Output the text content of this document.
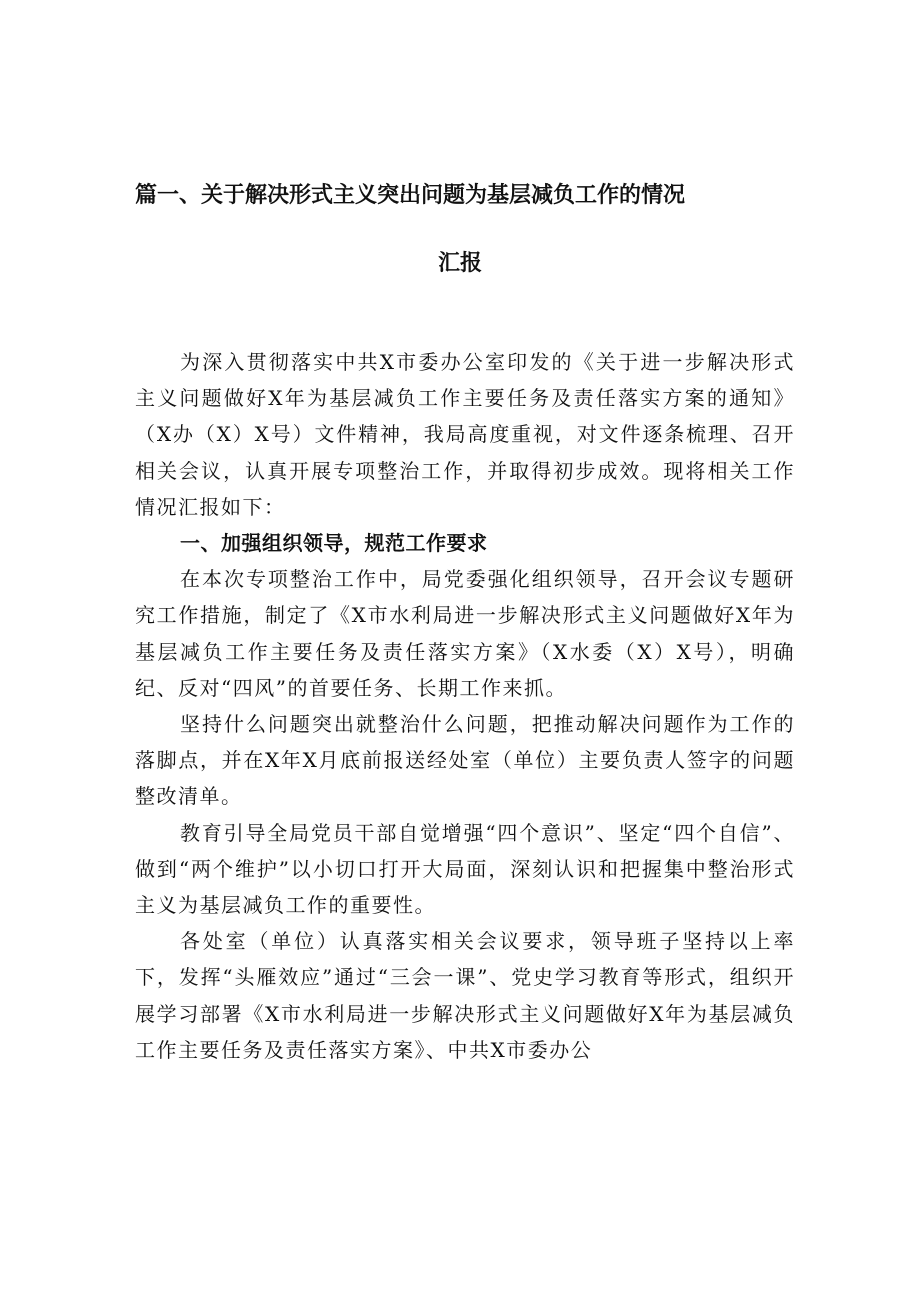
篇一、关于解决形式主义突出问题为基层减负工作的情况
汇报

为深入贯彻落实中共X市委办公室印发的《关于进一步解决形式主义问题做好X年为基层减负工作主要任务及责任落实方案的通知》（X办（X）X号）文件精神，我局高度重视，对文件逐条梳理、召开相关会议，认真开展专项整治工作，并取得初步成效。现将相关工作情况汇报如下：

一、加强组织领导，规范工作要求

在本次专项整治工作中，局党委强化组织领导，召开会议专题研究工作措施，制定了《X市水利局进一步解决形式主义问题做好X年为基层减负工作主要任务及责任落实方案》（X水委（X）X号），明确纪、反对“四风”的首要任务、长期工作来抓。

坚持什么问题突出就整治什么问题，把推动解决问题作为工作的落脚点，并在X年X月底前报送经处室（单位）主要负责人签字的问题整改清单。

教育引导全局党员干部自觉增强“四个意识”、坚定“四个自信”、做到“两个维护”以小切口打开大局面，深刻认识和把握集中整治形式主义为基层减负工作的重要性。

各处室（单位）认真落实相关会议要求，领导班子坚持以上率下，发挥“头雁效应”通过“三会一课”、党史学习教育等形式，组织开展学习部署《X市水利局进一步解决形式主义问题做好X年为基层减负工作主要任务及责任落实方案》、中共X市委办公
